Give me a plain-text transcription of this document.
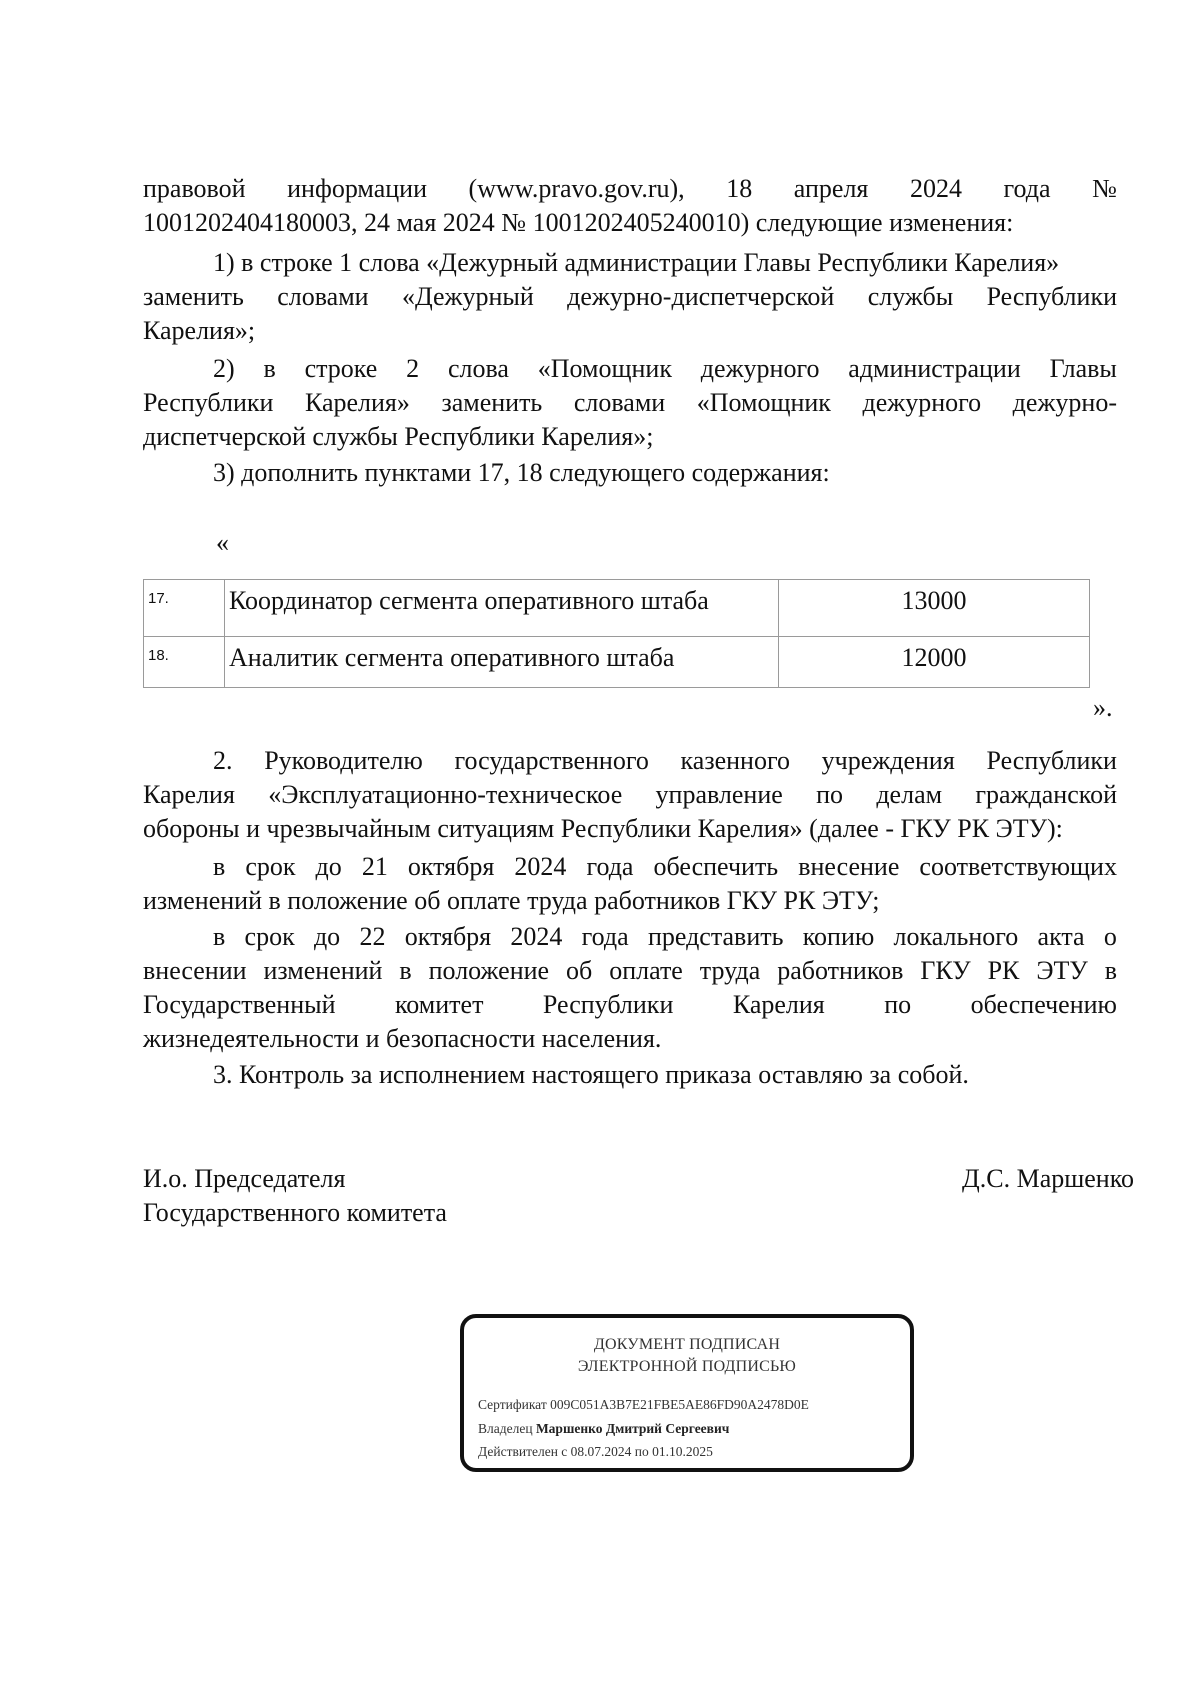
правовой информации (www.pravo.gov.ru), 18 апреля 2024 года №
1001202404180003, 24 мая 2024 № 1001202405240010) следующие изменения:
1) в строке 1 слова «Дежурный администрации Главы Республики Карелия»
заменить словами «Дежурный дежурно-диспетчерской службы Республики
Карелия»;
2) в строке 2 слова «Помощник дежурного администрации Главы
Республики Карелия» заменить словами «Помощник дежурного дежурно-
диспетчерской службы Республики Карелия»;
3) дополнить пунктами 17, 18 следующего содержания:
«
17.	Координатор сегмента оперативного штаба	13000
18.	Аналитик сегмента оперативного штаба	12000
».
2. Руководителю государственного казенного учреждения Республики
Карелия «Эксплуатационно-техническое управление по делам гражданской
обороны и чрезвычайным ситуациям Республики Карелия» (далее - ГКУ РК ЭТУ):
в срок до 21 октября 2024 года обеспечить внесение соответствующих
изменений в положение об оплате труда работников ГКУ РК ЭТУ;
в срок до 22 октября 2024 года представить копию локального акта о
внесении изменений в положение об оплате труда работников ГКУ РК ЭТУ в
Государственный комитет Республики Карелия по обеспечению
жизнедеятельности и безопасности населения.
3. Контроль за исполнением настоящего приказа оставляю за собой.
И.о. Председателя
Государственного комитета
Д.С. Маршенко
ДОКУМЕНТ ПОДПИСАН
ЭЛЕКТРОННОЙ ПОДПИСЬЮ
Сертификат 009C051A3B7E21FBE5AE86FD90A2478D0E
Владелец Маршенко Дмитрий Сергеевич
Действителен с 08.07.2024 по 01.10.2025
